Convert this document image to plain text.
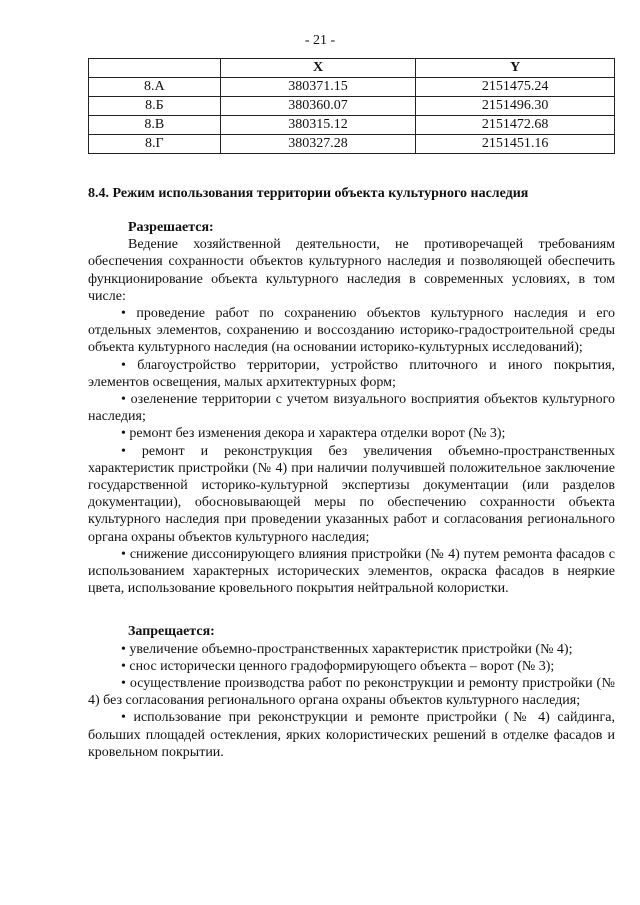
- 21 -
	X	Y
8.А	380371.15	2151475.24
8.Б	380360.07	2151496.30
8.В	380315.12	2151472.68
8.Г	380327.28	2151451.16
8.4. Режим использования территории объекта культурного наследия

Разрешается:

Ведение хозяйственной деятельности, не противоречащей требованиям обеспечения сохранности объектов культурного наследия и позволяющей обеспечить функционирование объекта культурного наследия в современных условиях, в том числе:

• проведение работ по сохранению объектов культурного наследия и его отдельных элементов, сохранению и воссозданию историко-градостроительной среды объекта культурного наследия (на основании историко-культурных исследований);

• благоустройство территории, устройство плиточного и иного покрытия, элементов освещения, малых архитектурных форм;

• озеленение территории с учетом визуального восприятия объектов культурного наследия;

• ремонт без изменения декора и характера отделки ворот (№ 3);

• ремонт и реконструкция без увеличения объемно-пространственных характеристик пристройки (№ 4) при наличии получившей положительное заключение государственной историко-культурной экспертизы документации (или разделов документации), обосновывающей меры по обеспечению сохранности объекта культурного наследия при проведении указанных работ и согласования регионального органа охраны объектов культурного наследия;

• снижение диссонирующего влияния пристройки (№ 4) путем ремонта фасадов с использованием характерных исторических элементов, окраска фасадов в неяркие цвета, использование кровельного покрытия нейтральной колористки.

Запрещается:

• увеличение объемно-пространственных характеристик пристройки (№ 4);

• снос исторически ценного градоформирующего объекта – ворот (№ 3);

• осуществление производства работ по реконструкции и ремонту пристройки (№ 4) без согласования регионального органа охраны объектов культурного наследия;

• использование при реконструкции и ремонте пристройки (№ 4) сайдинга, больших площадей остекления, ярких колористических решений в отделке фасадов и кровельном покрытии.
